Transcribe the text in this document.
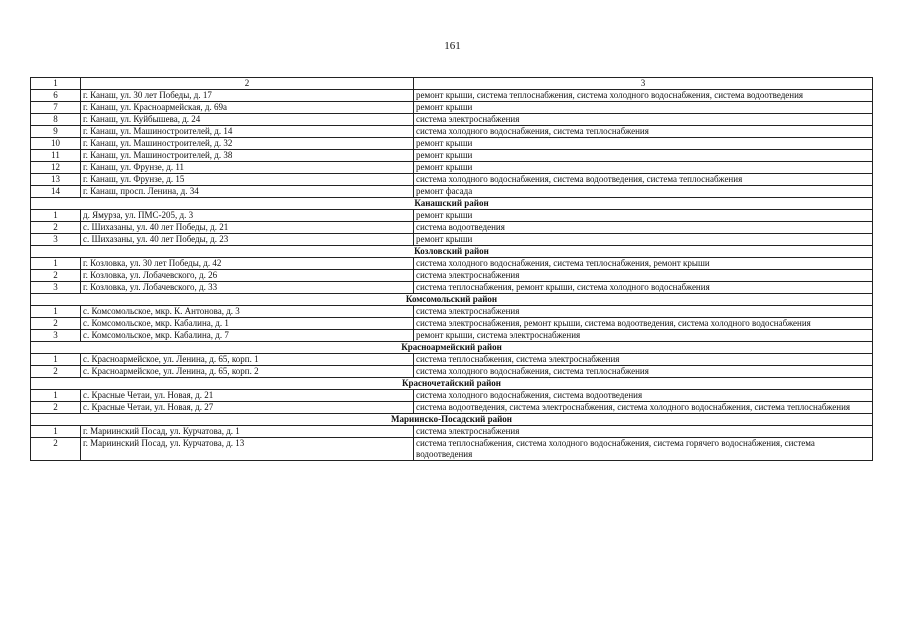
161
1	2	3
6	г. Канаш, ул. 30 лет Победы, д. 17	ремонт крыши, система теплоснабжения, система холодного водоснабжения, система водоотведения
7	г. Канаш, ул. Красноармейская, д. 69а	ремонт крыши
8	г. Канаш, ул. Куйбышева, д. 24	система электроснабжения
9	г. Канаш, ул. Машиностроителей, д. 14	система холодного водоснабжения, система теплоснабжения
10	г. Канаш, ул. Машиностроителей, д. 32	ремонт крыши
11	г. Канаш, ул. Машиностроителей, д. 38	ремонт крыши
12	г. Канаш, ул. Фрунзе, д. 11	ремонт крыши
13	г. Канаш, ул. Фрунзе, д. 15	система холодного водоснабжения, система водоотведения, система теплоснабжения
14	г. Канаш, просп. Ленина, д. 34	ремонт фасада
Канашский район		
1	д. Ямурза, ул. ПМС-205, д. 3	ремонт крыши
2	с. Шихазаны, ул. 40 лет Победы, д. 21	система водоотведения
3	с. Шихазаны, ул. 40 лет Победы, д. 23	ремонт крыши
Козловский район		
1	г. Козловка, ул. 30 лет Победы, д. 42	система холодного водоснабжения, система теплоснабжения, ремонт крыши
2	г. Козловка, ул. Лобачевского, д. 26	система электроснабжения
3	г. Козловка, ул. Лобачевского, д. 33	система теплоснабжения, ремонт крыши, система холодного водоснабжения
Комсомольский район		
1	с. Комсомольское, мкр. К. Антонова, д. 3	система электроснабжения
2	с. Комсомольское, мкр. Кабалина, д. 1	система электроснабжения, ремонт крыши, система водоотведения, система холодного водоснабжения
3	с. Комсомольское, мкр. Кабалина, д. 7	ремонт крыши, система электроснабжения
Красноармейский район		
1	с. Красноармейское, ул. Ленина, д. 65, корп. 1	система теплоснабжения, система электроснабжения
2	с. Красноармейское, ул. Ленина, д. 65, корп. 2	система холодного водоснабжения, система теплоснабжения
Красночетайский район		
1	с. Красные Четаи, ул. Новая, д. 21	система холодного водоснабжения, система водоотведения
2	с. Красные Четаи, ул. Новая, д. 27	система водоотведения, система электроснабжения, система холодного водоснабжения, система теплоснабжения
Мариинско-Посадский район		
1	г. Мариинский Посад, ул. Курчатова, д. 1	система электроснабжения
2	г. Мариинский Посад, ул. Курчатова, д. 13	система теплоснабжения, система холодного водоснабжения, система горячего водоснабжения, система водоотведения
